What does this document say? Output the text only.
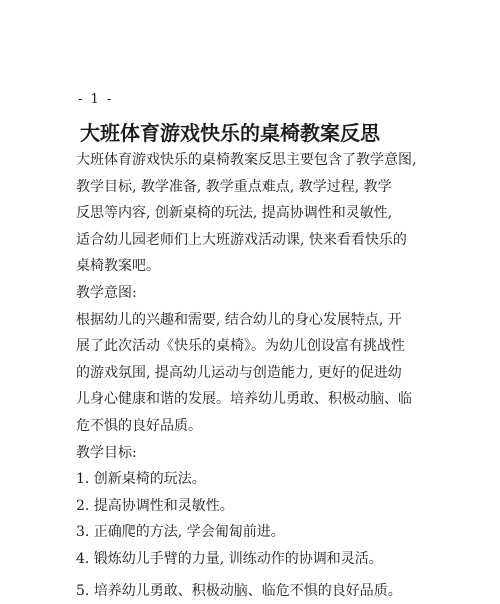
- 1 -
大班体育游戏快乐的桌椅教案反思
大班体育游戏快乐的桌椅教案反思主要包含了教学意图,
教学目标, 教学准备, 教学重点难点, 教学过程, 教学
反思等内容, 创新桌椅的玩法, 提高协调性和灵敏性,
适合幼儿园老师们上大班游戏活动课, 快来看看快乐的
桌椅教案吧。
教学意图:
根据幼儿的兴趣和需要, 结合幼儿的身心发展特点, 开
展了此次活动《快乐的桌椅》。为幼儿创设富有挑战性
的游戏氛围, 提高幼儿运动与创造能力, 更好的促进幼
儿身心健康和谐的发展。培养幼儿勇敢、积极动脑、临
危不惧的良好品质。
教学目标:
1. 创新桌椅的玩法。
2. 提高协调性和灵敏性。
3. 正确爬的方法, 学会匍匐前进。
4. 锻炼幼儿手臂的力量, 训练动作的协调和灵活。
5. 培养幼儿勇敢、积极动脑、临危不惧的良好品质。
